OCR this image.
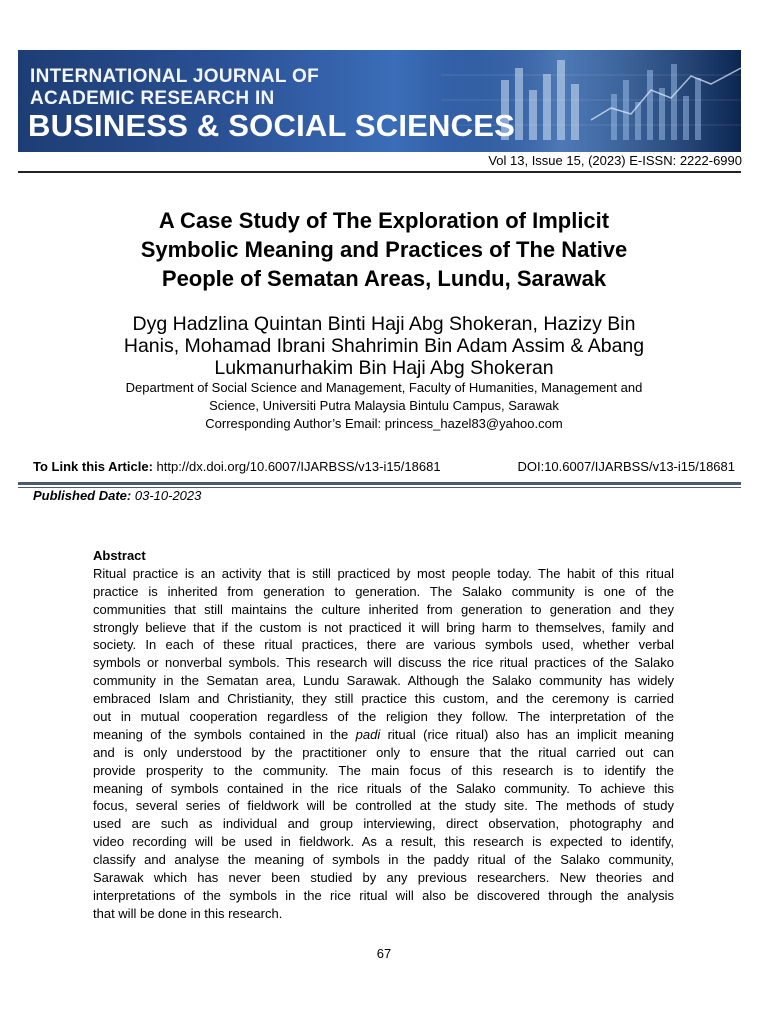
INTERNATIONAL JOURNAL OF
ACADEMIC RESEARCH IN
BUSINESS & SOCIAL SCIENCES
Vol 13, Issue 15, (2023) E-ISSN: 2222-6990
A Case Study of The Exploration of Implicit
Symbolic Meaning and Practices of The Native
People of Sematan Areas, Lundu, Sarawak
Dyg Hadzlina Quintan Binti Haji Abg Shokeran, Hazizy Bin
Hanis, Mohamad Ibrani Shahrimin Bin Adam Assim & Abang
Lukmanurhakim Bin Haji Abg Shokeran
Department of Social Science and Management, Faculty of Humanities, Management and
Science, Universiti Putra Malaysia Bintulu Campus, Sarawak
Corresponding Author’s Email: princess_hazel83@yahoo.com
To Link this Article: http://dx.doi.org/10.6007/IJARBSS/v13-i15/18681	DOI:10.6007/IJARBSS/v13-i15/18681
Published Date: 03-10-2023
Abstract
Ritual practice is an activity that is still practiced by most people today. The habit of this ritual
practice is inherited from generation to generation. The Salako community is one of the
communities that still maintains the culture inherited from generation to generation and they
strongly believe that if the custom is not practiced it will bring harm to themselves, family and
society. In each of these ritual practices, there are various symbols used, whether verbal
symbols or nonverbal symbols. This research will discuss the rice ritual practices of the Salako
community in the Sematan area, Lundu Sarawak. Although the Salako community has widely
embraced Islam and Christianity, they still practice this custom, and the ceremony is carried
out in mutual cooperation regardless of the religion they follow. The interpretation of the
meaning of the symbols contained in the padi ritual (rice ritual) also has an implicit meaning
and is only understood by the practitioner only to ensure that the ritual carried out can
provide prosperity to the community. The main focus of this research is to identify the
meaning of symbols contained in the rice rituals of the Salako community. To achieve this
focus, several series of fieldwork will be controlled at the study site. The methods of study
used are such as individual and group interviewing, direct observation, photography and
video recording will be used in fieldwork. As a result, this research is expected to identify,
classify and analyse the meaning of symbols in the paddy ritual of the Salako community,
Sarawak which has never been studied by any previous researchers. New theories and
interpretations of the symbols in the rice ritual will also be discovered through the analysis
that will be done in this research.
67
